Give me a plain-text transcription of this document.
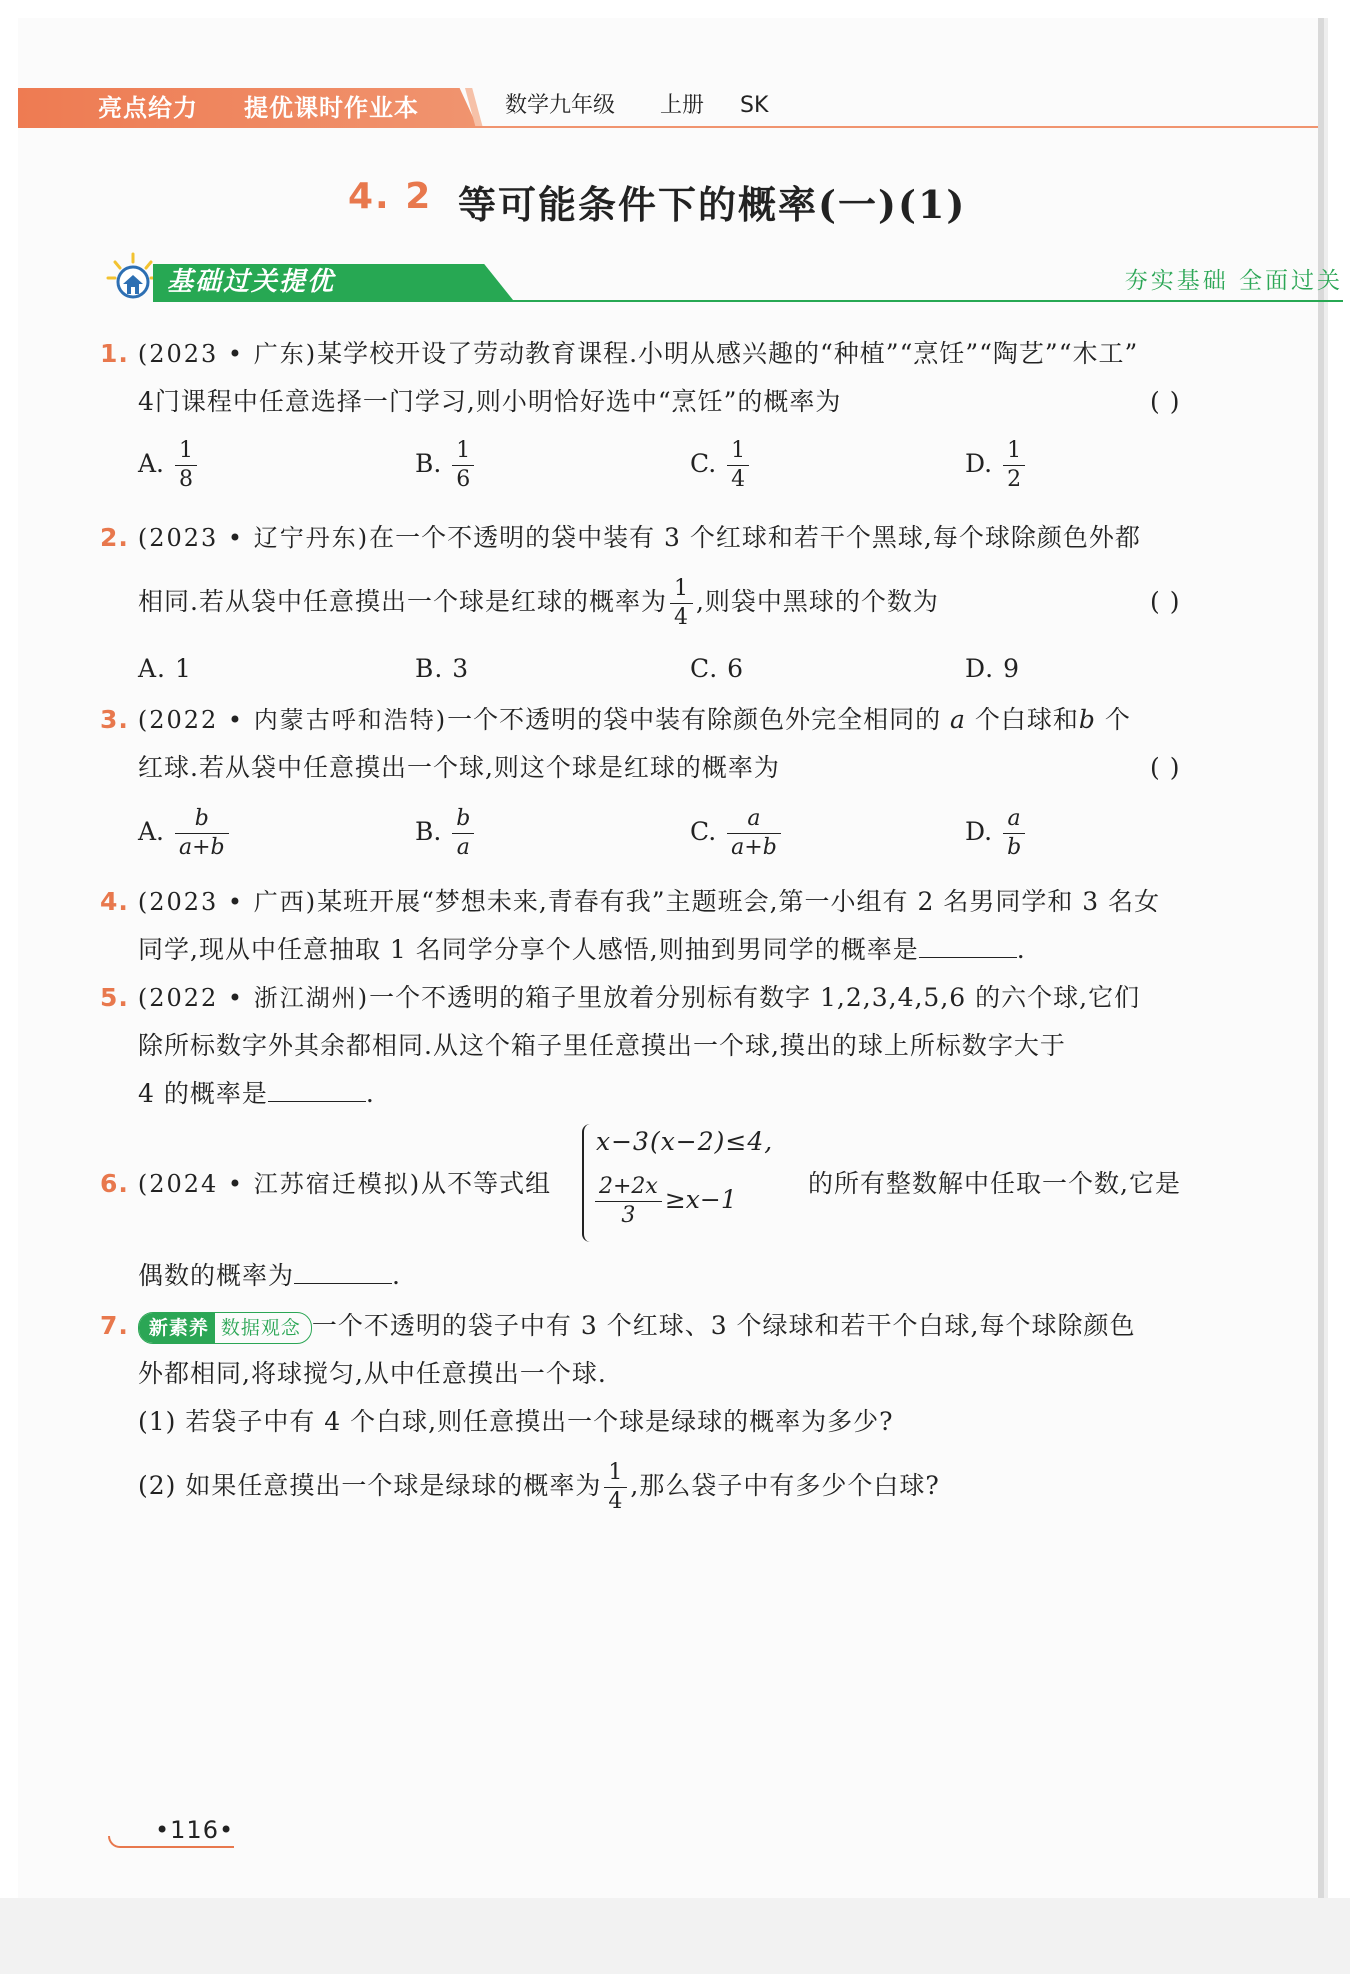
亮点给力 提优课时作业本	数学九年级 上册 SK
4. 2 等可能条件下的概率(一)(1)
基础过关提优	夯实基础 全面过关
1. (2023 • 广东)某学校开设了劳动教育课程.小明从感兴趣的“种植”“烹饪”“陶艺”“木工”
4门课程中任意选择一门学习,则小明恰好选中“烹饪”的概率为	( )
A. $\frac{1}{8}$	B. $\frac{1}{6}$	C. $\frac{1}{4}$	D. $\frac{1}{2}$
2. (2023 • 辽宁丹东)在一个不透明的袋中装有 3 个红球和若干个黑球,每个球除颜色外都
相同.若从袋中任意摸出一个球是红球的概率为 $\frac{1}{4}$ ,则袋中黑球的个数为	( )
A. 1	B. 3	C. 6	D. 9
3. (2022 • 内蒙古呼和浩特)一个不透明的袋中装有除颜色外完全相同的 a 个白球和b 个
红球.若从袋中任意摸出一个球,则这个球是红球的概率为	( )
A. $\frac{b}{a+b}$	B. $\frac{b}{a}$	C. $\frac{a}{a+b}$	D. $\frac{a}{b}$
4. (2023 • 广西)某班开展“梦想未来,青春有我”主题班会,第一小组有 2 名男同学和 3 名女
同学,现从中任意抽取 1 名同学分享个人感悟,则抽到男同学的概率是	.
5. (2022 • 浙江湖州)一个不透明的箱子里放着分别标有数字 1,2,3,4,5,6 的六个球,它们
除所标数字外其余都相同.从这个箱子里任意摸出一个球,摸出的球上所标数字大于
4 的概率是	.
6. (2024 • 江苏宿迁模拟)从不等式组
x−3(x−2)≤4,
$\frac{2+2x}{3} \ge x-1$
的所有整数解中任取一个数,它是
偶数的概率为	.
7. 新素养 数据观念 一个不透明的袋子中有 3 个红球、3 个绿球和若干个白球,每个球除颜色
外都相同,将球搅匀,从中任意摸出一个球.
(1) 若袋子中有 4 个白球,则任意摸出一个球是绿球的概率为多少?
(2) 如果任意摸出一个球是绿球的概率为 $\frac{1}{4}$ ,那么袋子中有多少个白球?
•116•
